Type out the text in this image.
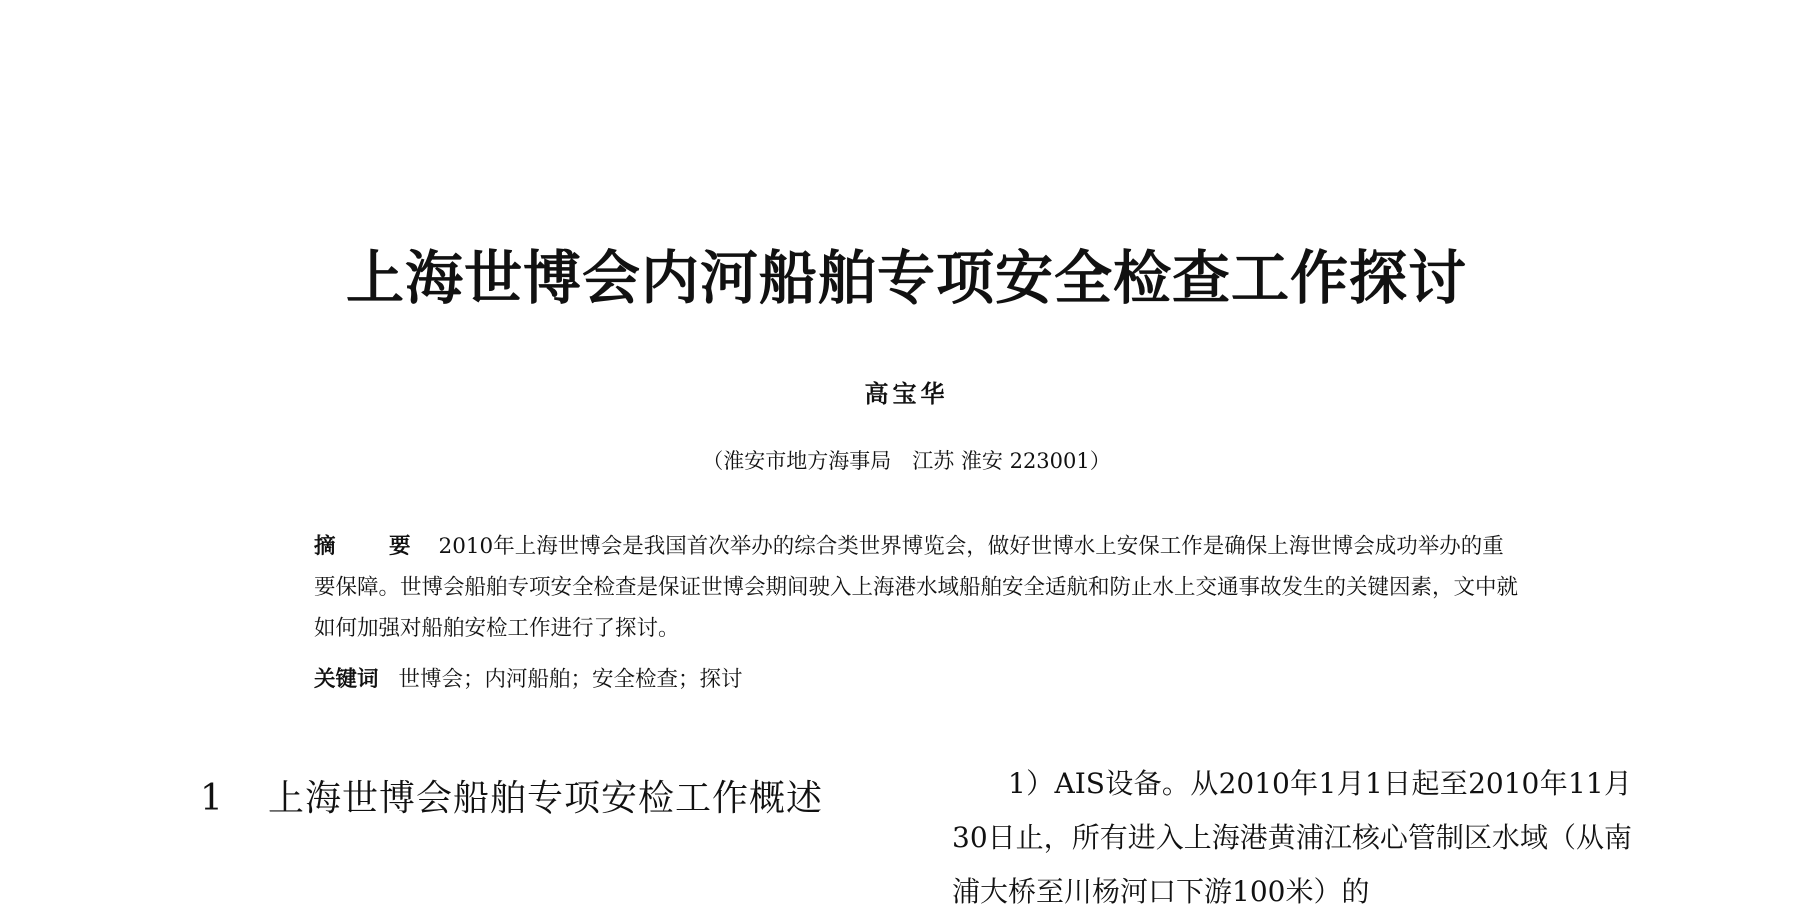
上海世博会内河船舶专项安全检查工作探讨
高宝华
（淮安市地方海事局　江苏 淮安 223001）
摘　要 2010年上海世博会是我国首次举办的综合类世界博览会，做好世博水上安保工作是确保上海世博会成功举办的重要保障。世博会船舶专项安全检查是保证世博会期间驶入上海港水域船舶安全适航和防止水上交通事故发生的关键因素，文中就如何加强对船舶安检工作进行了探讨。
关键词 世博会；内河船舶；安全检查；探讨
1	上海世博会船舶专项安检工作概述	1）AIS设备。从2010年1月1日起至2010年11月30日止，所有进入上海港黄浦江核心管制区水域（从南浦大桥至川杨河口下游100米）的
